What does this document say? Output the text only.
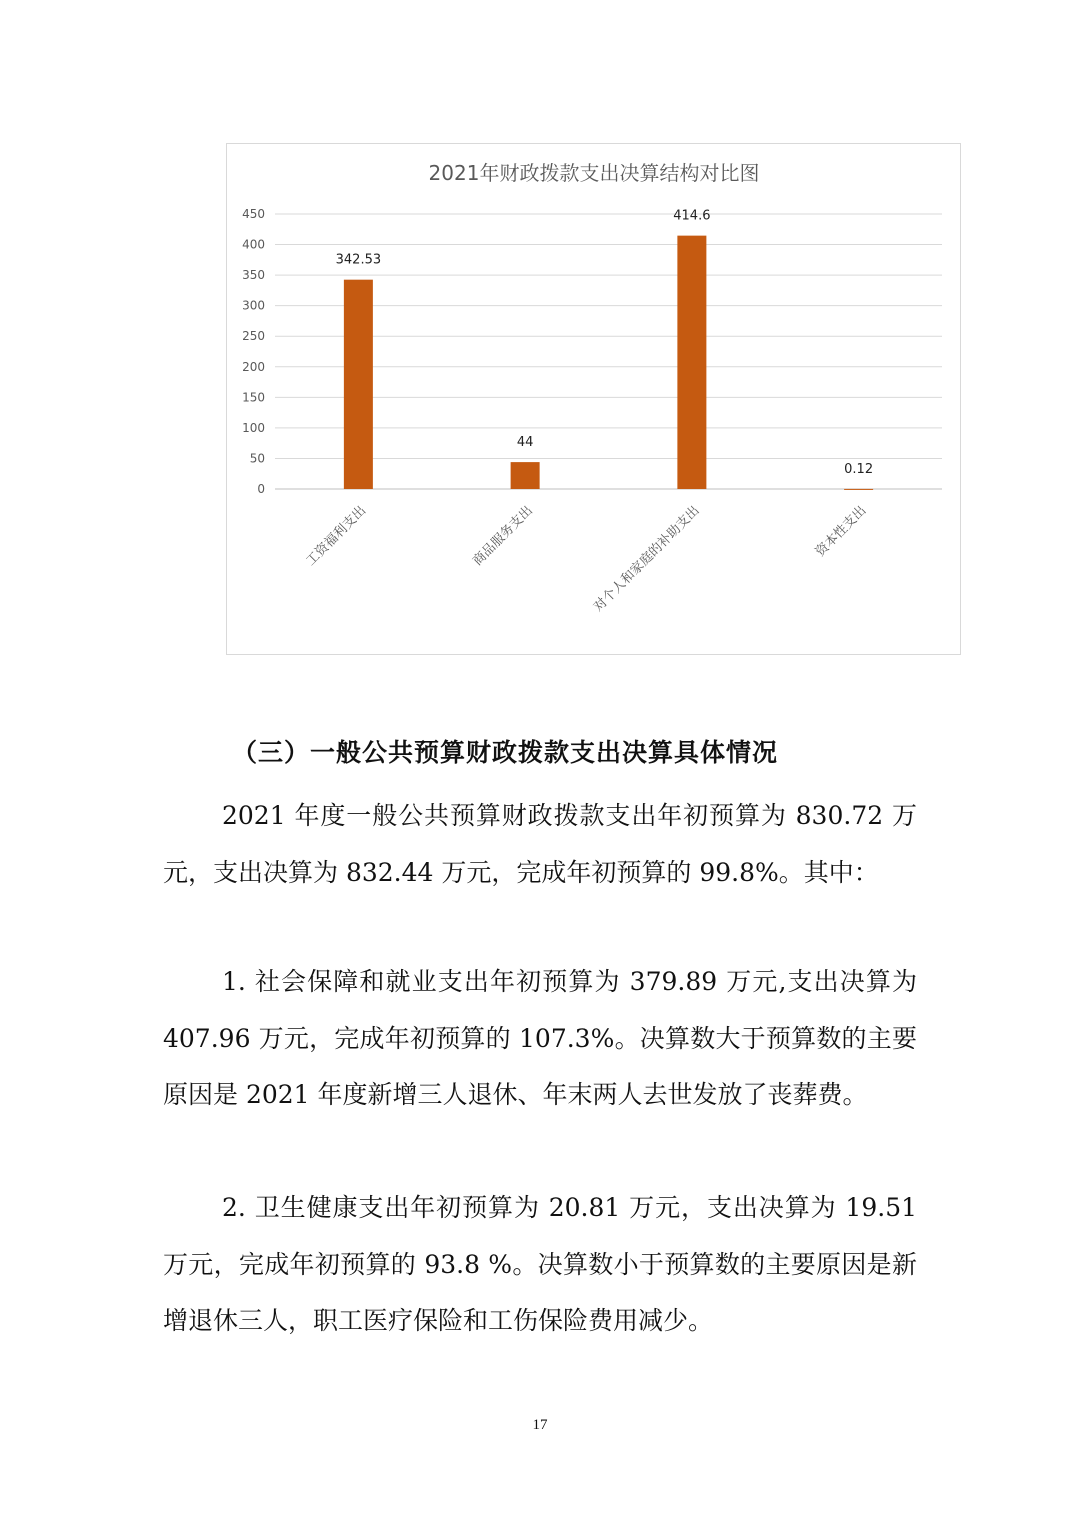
2021年财政拨款支出决算结构对比图
0
50
100
150
200
250
300
350
400
450
342.53
工资福利支出
44
商品服务支出
414.6
对个人和家庭的补助支出
0.12
资本性支出
（三）一般公共预算财政拨款支出决算具体情况

2021 年度一般公共预算财政拨款支出年初预算为 830.72 万元，支出决算为 832.44 万元，完成年初预算的 99.8%。其中：

1. 社会保障和就业支出年初预算为 379.89 万元,支出决算为 407.96 万元，完成年初预算的 107.3%。决算数大于预算数的主要原因是 2021 年度新增三人退休、年末两人去世发放了丧葬费。

2. 卫生健康支出年初预算为 20.81 万元，支出决算为 19.51 万元，完成年初预算的 93.8 %。决算数小于预算数的主要原因是新增退休三人，职工医疗保险和工伤保险费用减少。

17
